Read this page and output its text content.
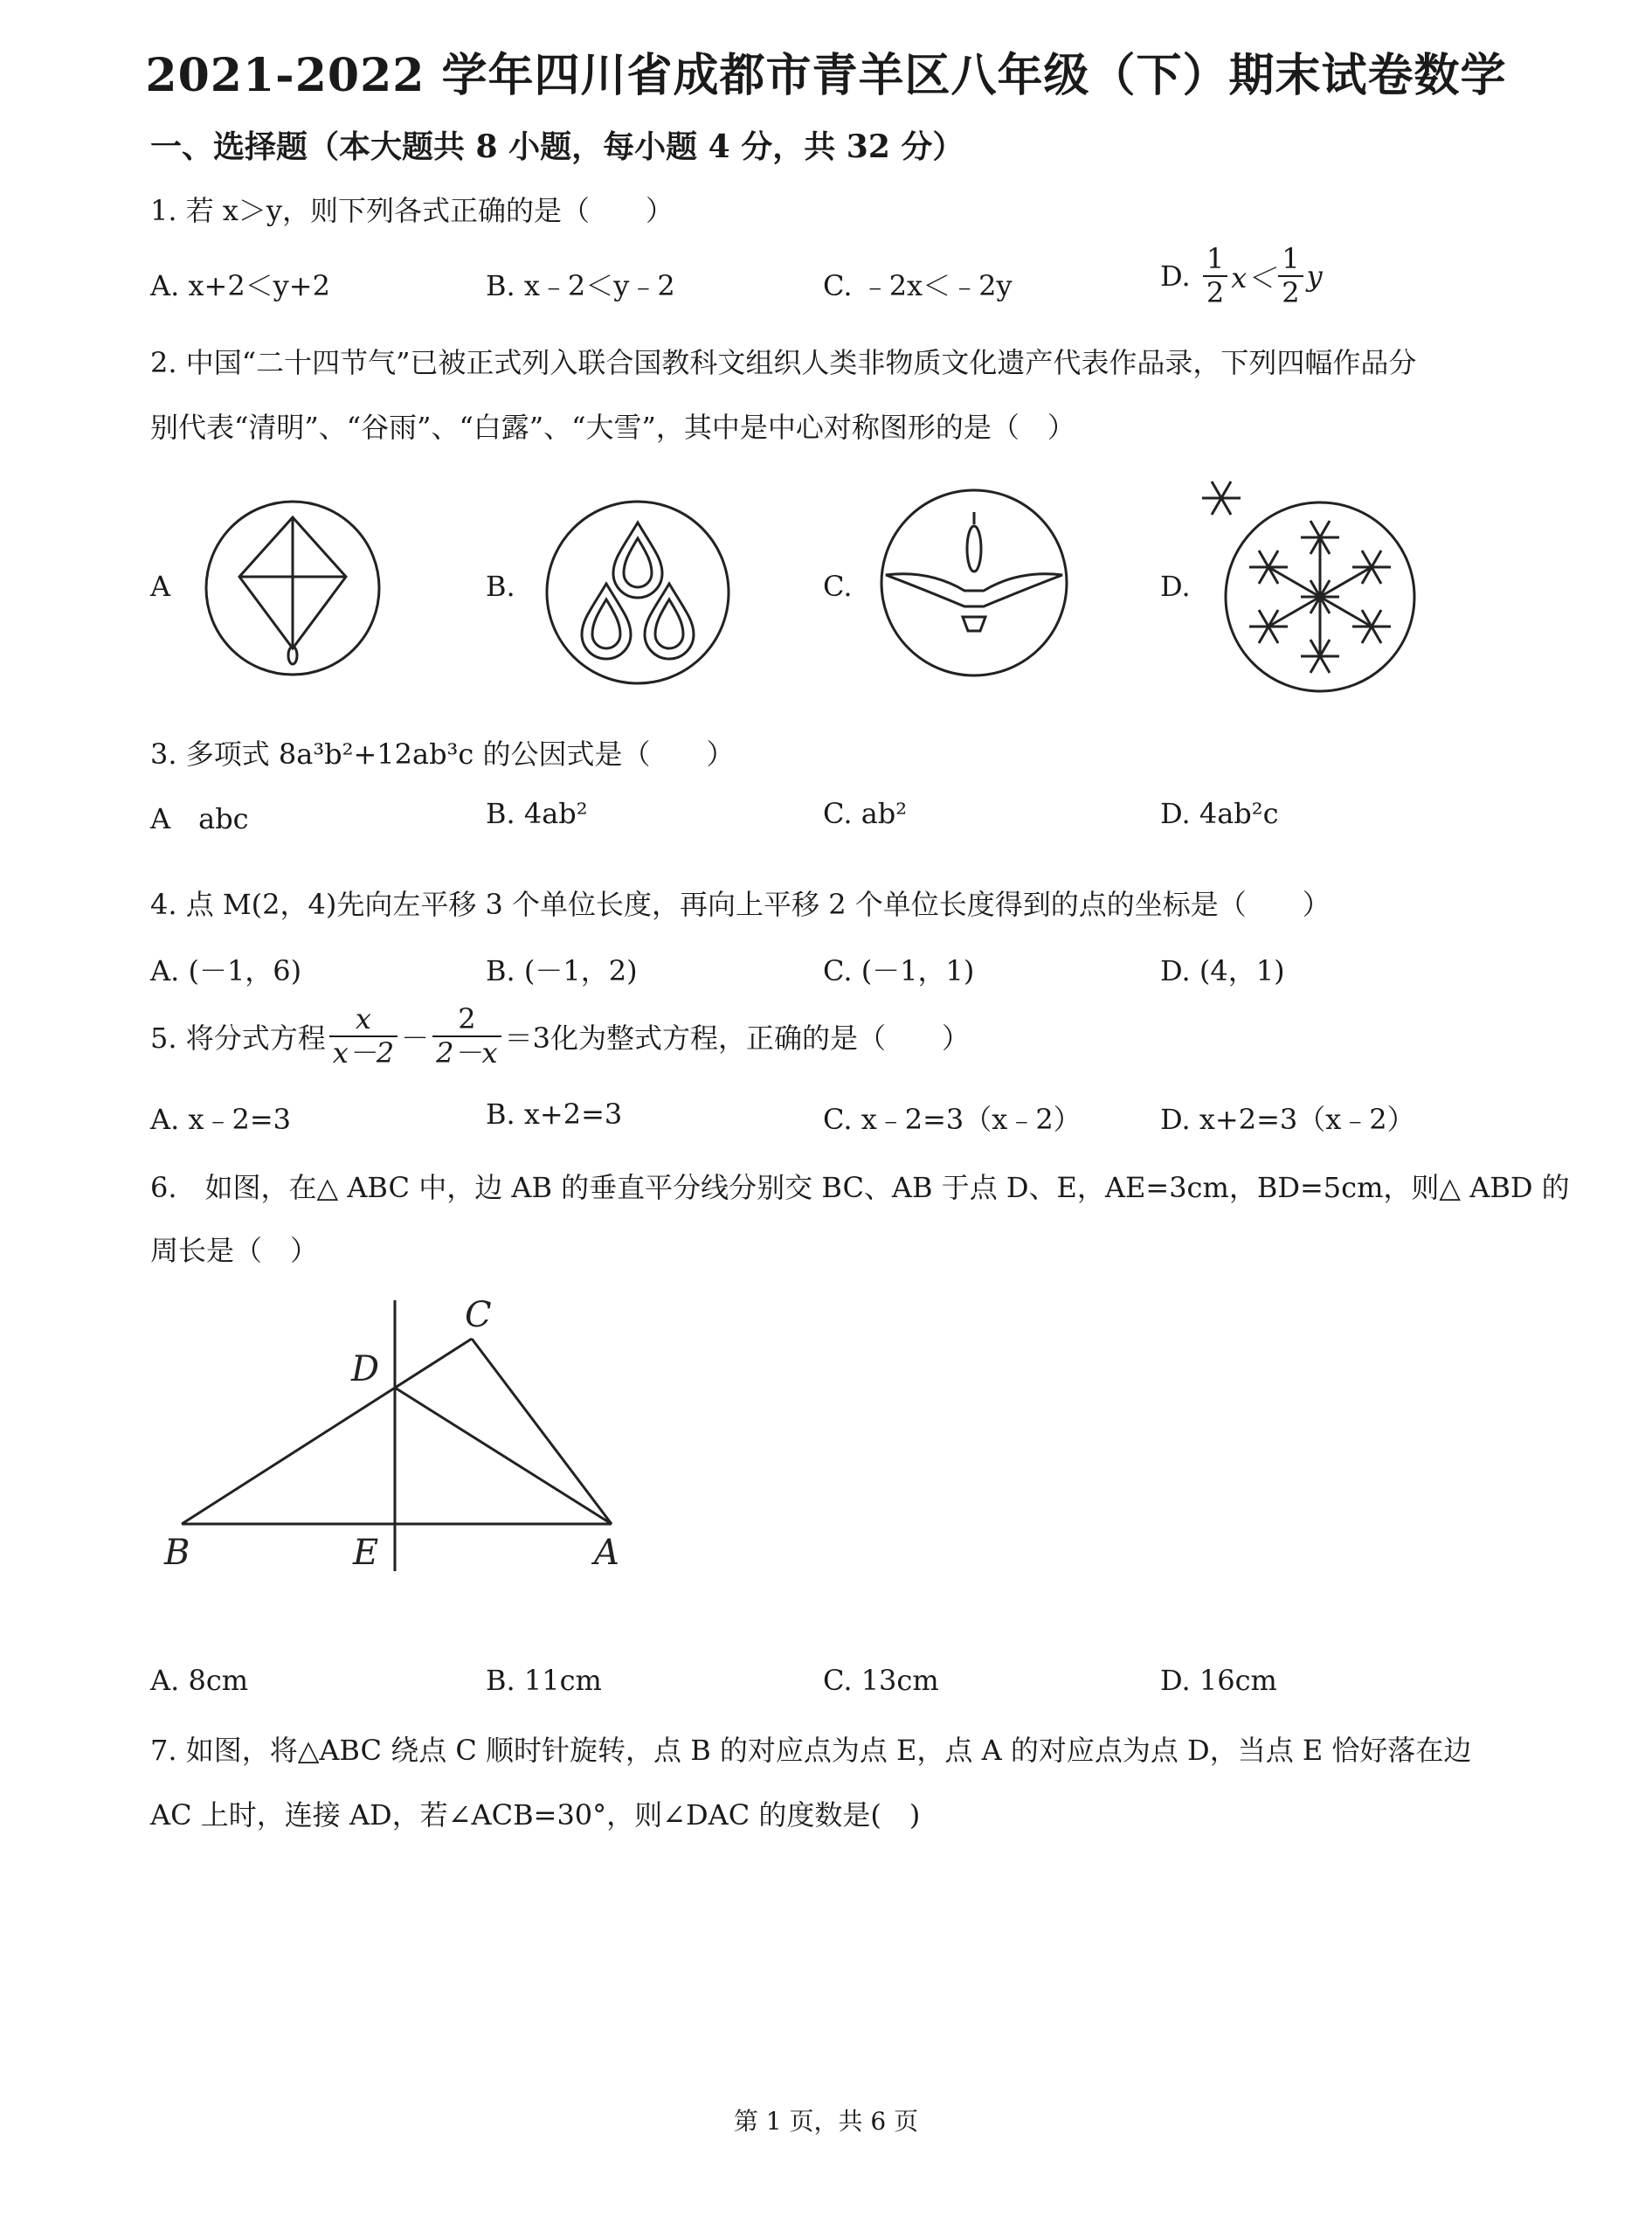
2021-2022 学年四川省成都市青羊区八年级（下）期末试卷数学
一、选择题（本大题共 8 小题，每小题 4 分，共 32 分）
1. 若 x＞y，则下列各式正确的是（　　）
A. x+2＜y+2	B. x﹣2＜y﹣2	C. ﹣2x＜﹣2y	D. $\frac{1}{2} x< \frac{1}{2}$ y
2. 中国“二十四节气”已被正式列入联合国教科文组织人类非物质文化遗产代表作品录，下列四幅作品分
别代表“清明”、“谷雨”、“白露”、“大雪”，其中是中心对称图形的是（　）
A	B.	C.	D.
3. 多项式 8a³b²+12ab³c 的公因式是（　　）
A　abc	B. 4ab²	C. ab²	D. 4ab²c
4. 点 M(2，4)先向左平移 3 个单位长度，再向上平移 2 个单位长度得到的点的坐标是（　　）
A. (－1，6)	B. (－1，2)	C. (－1，1)	D. (4，1)
5. 将分式方程 $\frac{x}{x-2} - \frac{2}{2-x} =3$化为整式方程，正确的是（　　）
A. x﹣2=3	B. x+2=3	C. x﹣2=3（x﹣2）	D. x+2=3（x﹣2）
6.　如图，在△ ABC 中，边 AB 的垂直平分线分别交 BC、AB 于点 D、E，AE=3cm，BD=5cm，则△ ABD 的
周长是（　）
C
D
B	E	A
A. 8cm	B. 11cm	C. 13cm	D. 16cm
7. 如图，将△ABC 绕点 C 顺时针旋转，点 B 的对应点为点 E，点 A 的对应点为点 D，当点 E 恰好落在边
AC 上时，连接 AD，若∠ACB=30°，则∠DAC 的度数是(　)
第 1 页，共 6 页
